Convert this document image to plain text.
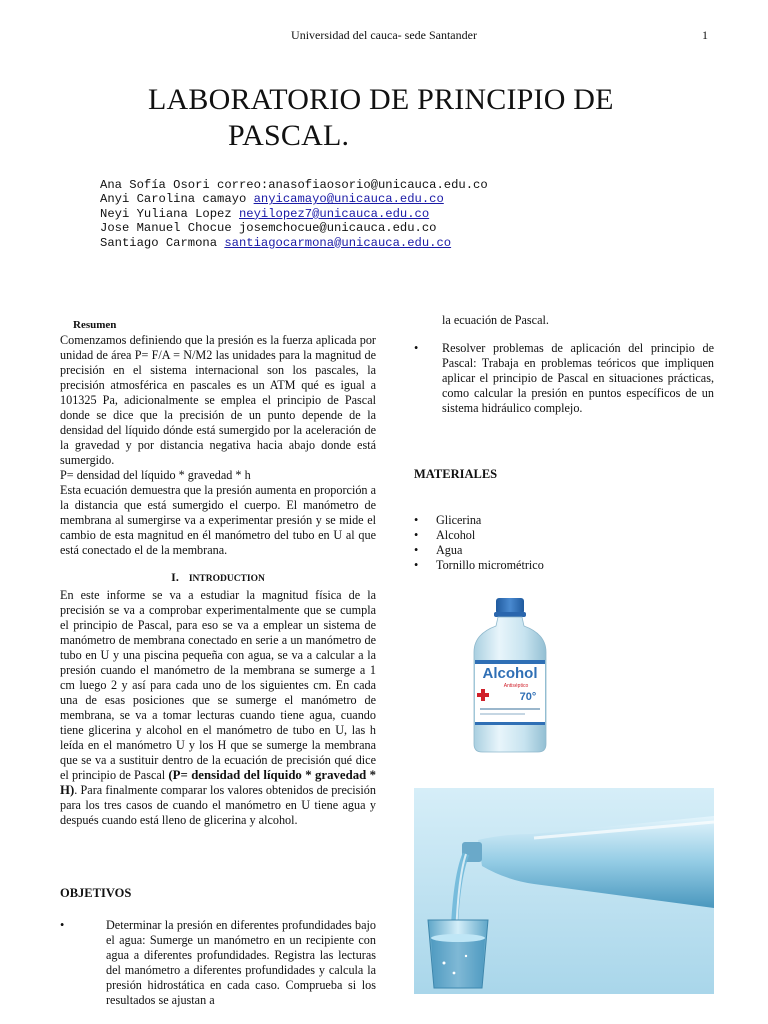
Universidad del cauca- sede Santander	1
LABORATORIO DE PRINCIPIO DE
PASCAL.
Ana Sofía Osori correo:anasofiaosorio@unicauca.edu.co
Anyi Carolina camayo anyicamayo@unicauca.edu.co
Neyi Yuliana Lopez neyilopez7@unicauca.edu.co
Jose Manuel Chocue josemchocue@unicauca.edu.co
Santiago Carmona santiagocarmona@unicauca.edu.co
Resumen
Comenzamos definiendo que la presión es la fuerza aplicada por unidad de área P= F/A = N/M2 las unidades para la magnitud de precisión en el sistema internacional son los pascales, la precisión atmosférica en pascales es un ATM qué es igual a 101325 Pa, adicionalmente se emplea el principio de Pascal donde se dice que la precisión de un punto depende de la densidad del líquido dónde está sumergido por la aceleración de la gravedad y por distancia negativa hacia abajo donde está sumergido.
P= densidad del líquido * gravedad * h
Esta ecuación demuestra que la presión aumenta en proporción a la distancia que está sumergido el cuerpo. El manómetro de membrana al sumergirse va a experimentar presión y se mide el cambio de esta magnitud en él manómetro del tubo en U al que está conectado el de la membrana.
I. INTRODUCTION
En este informe se va a estudiar la magnitud física de la precisión se va a comprobar experimentalmente que se cumpla el principio de Pascal, para eso se va a emplear un sistema de manómetro de membrana conectado en serie a un manómetro de tubo en U y una piscina pequeña con agua, se va a calcular a la presión cuando el manómetro de la membrana se sumerge a 1 cm luego 2 y así para cada uno de los siguientes cm. En cada una de esas posiciones que se sumerge el manómetro de membrana, se va a tomar lecturas cuando tiene agua, cuando tiene glicerina y alcohol en el manómetro de tubo en U, las h leída en el manómetro U y los H que se sumerge la membrana que se va a sustituir dentro de la ecuación de precisión qué dice el principio de Pascal (P= densidad del líquido * gravedad * H). Para finalmente comparar los valores obtenidos de precisión para los tres casos de cuando el manómetro en U tiene agua y después cuando está lleno de glicerina y alcohol.
OBJETIVOS
•	Determinar la presión en diferentes profundidades bajo el agua: Sumerge un manómetro en un recipiente con agua a diferentes profundidades. Registra las lecturas del manómetro a diferentes profundidades y calcula la presión hidrostática en cada caso. Comprueba si los resultados se ajustan a
la ecuación de Pascal.
• Resolver problemas de aplicación del principio de Pascal: Trabaja en problemas teóricos que impliquen aplicar el principio de Pascal en situaciones prácticas, como calcular la presión en puntos específicos de un sistema hidráulico complejo.
MATERIALES
• Glicerina
• Alcohol
• Agua
• Tornillo micrométrico
Alcohol
Antiséptico
70°
